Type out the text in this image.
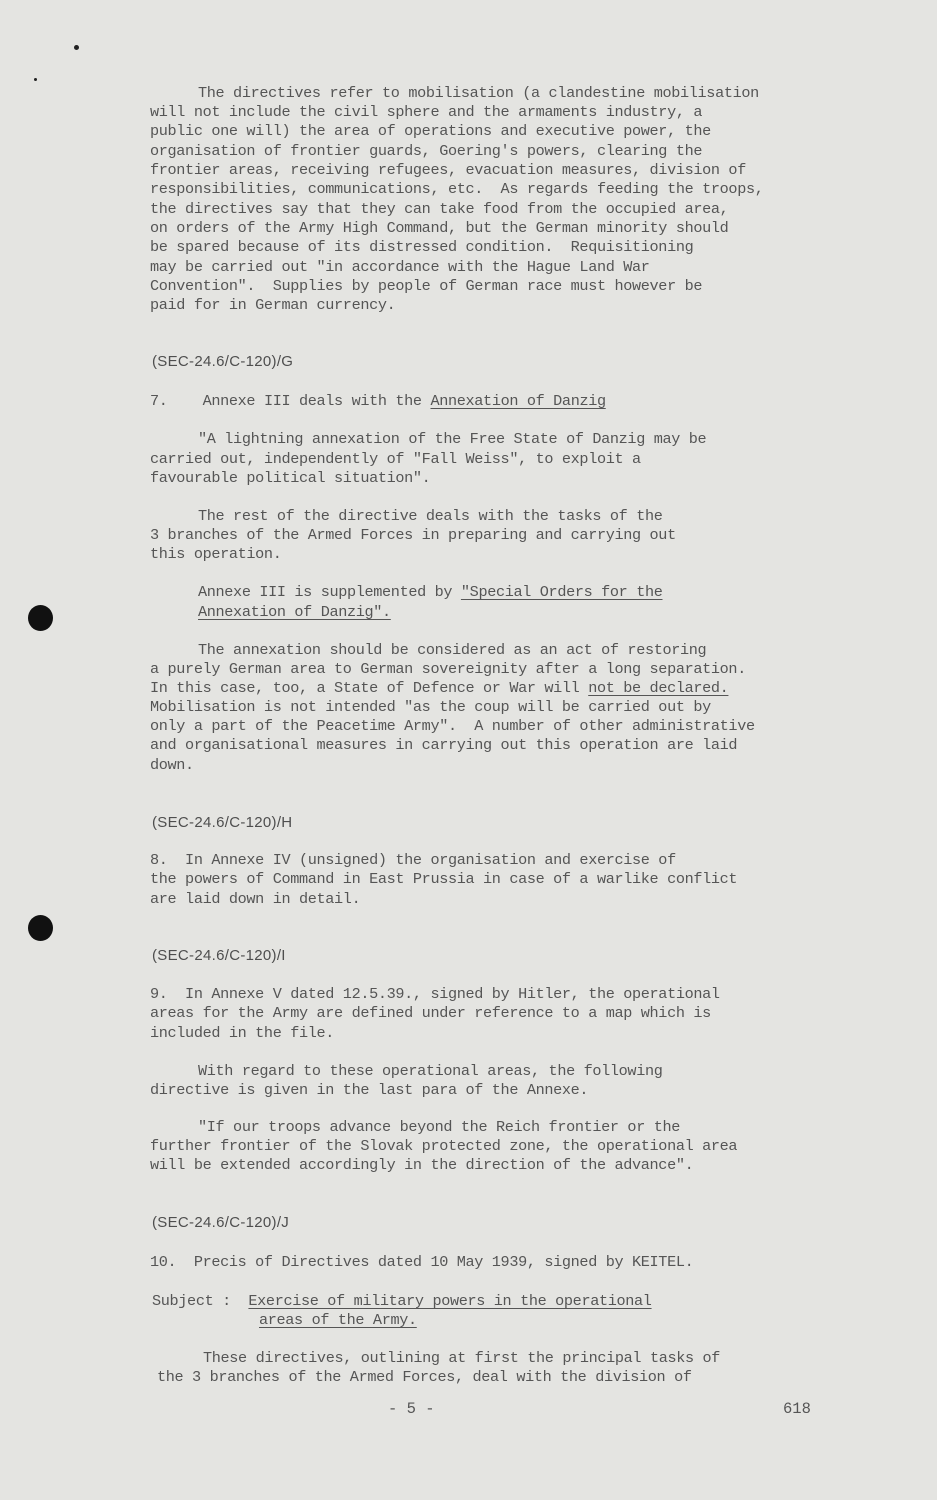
The directives refer to mobilisation (a clandestine mobilisation

will not include the civil sphere and the armaments industry, a

public one will) the area of operations and executive power, the

organisation of frontier guards, Goering's powers, clearing the

frontier areas, receiving refugees, evacuation measures, division of

responsibilities, communications, etc.  As regards feeding the troops,

the directives say that they can take food from the occupied area,

on orders of the Army High Command, but the German minority should

be spared because of its distressed condition.  Requisitioning

may be carried out "in accordance with the Hague Land War

Convention".  Supplies by people of German race must however be

paid for in German currency.

(SEC-24.6/C-120)/G

7. Annexe III deals with the Annexation of Danzig

"A lightning annexation of the Free State of Danzig may be

carried out, independently of "Fall Weiss", to exploit a

favourable political situation".

The rest of the directive deals with the tasks of the

3 branches of the Armed Forces in preparing and carrying out

this operation.

Annexe III is supplemented by "Special Orders for the

Annexation of Danzig".

The annexation should be considered as an act of restoring

a purely German area to German sovereignity after a long separation.

In this case, too, a State of Defence or War will not be declared.

Mobilisation is not intended "as the coup will be carried out by

only a part of the Peacetime Army".  A number of other administrative

and organisational measures in carrying out this operation are laid

down.

(SEC-24.6/C-120)/H

8.  In Annexe IV (unsigned) the organisation and exercise of

the powers of Command in East Prussia in case of a warlike conflict

are laid down in detail.

(SEC-24.6/C-120)/I

9.  In Annexe V dated 12.5.39., signed by Hitler, the operational

areas for the Army are defined under reference to a map which is

included in the file.

With regard to these operational areas, the following

directive is given in the last para of the Annexe.

"If our troops advance beyond the Reich frontier or the

further frontier of the Slovak protected zone, the operational area

will be extended accordingly in the direction of the advance".

(SEC-24.6/C-120)/J

10.  Precis of Directives dated 10 May 1939, signed by KEITEL.

Subject :  Exercise of military powers in the operational

areas of the Army.

These directives, outlining at first the principal tasks of

the 3 branches of the Armed Forces, deal with the division of

- 5 -	618
